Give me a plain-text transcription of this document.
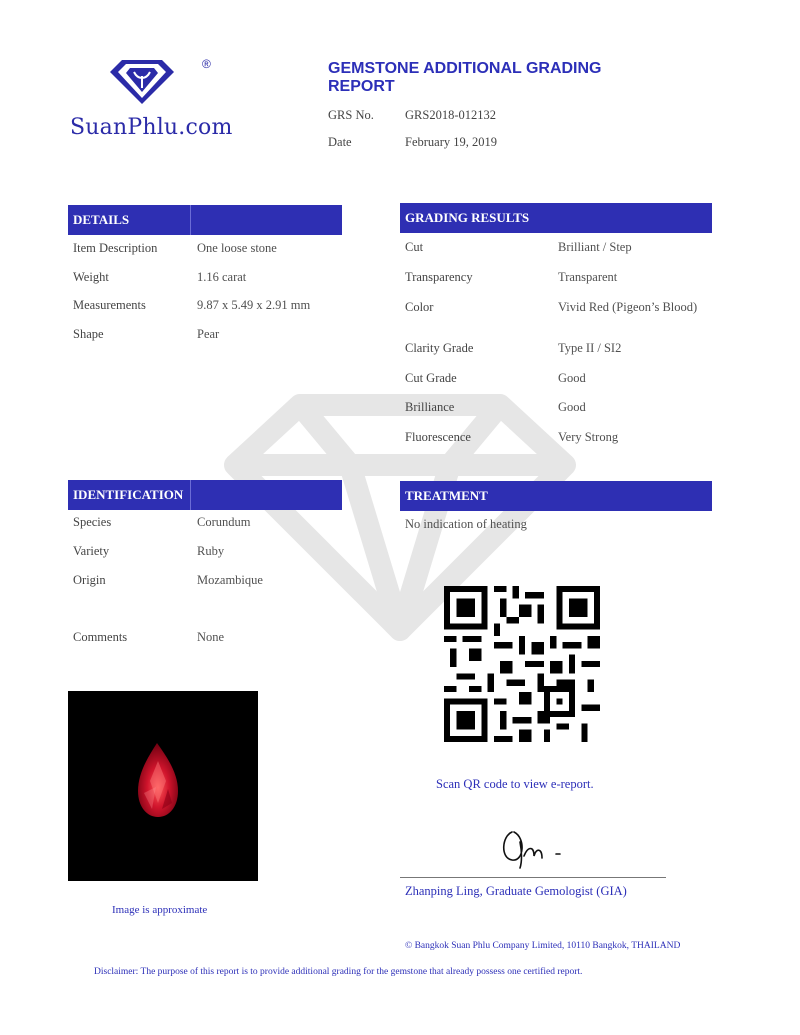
®
SuanPhlu.com
GEMSTONE ADDITIONAL GRADING REPORT
GRS No. GRS2018-012132
Date	February 19, 2019
DETAILS
Item Description	One loose stone
Weight	1.16 carat
Measurements	9.87 x 5.49 x 2.91 mm
Shape	Pear
GRADING RESULTS
Cut	Brilliant / Step
Transparency	Transparent
Color	Vivid Red (Pigeon’s Blood)
Clarity Grade	Type II / SI2
Cut Grade	Good
Brilliance	Good
Fluorescence	Very Strong
IDENTIFICATION
Species	Corundum
Variety	Ruby
Origin	Mozambique
Comments	None
TREATMENT
No indication of heating
Image is approximate
Scan QR code to view e-report.
Zhanping Ling, Graduate Gemologist (GIA)
© Bangkok Suan Phlu Company Limited, 10110 Bangkok, THAILAND
Disclaimer: The purpose of this report is to provide additional grading for the gemstone that already possess one certified report.
